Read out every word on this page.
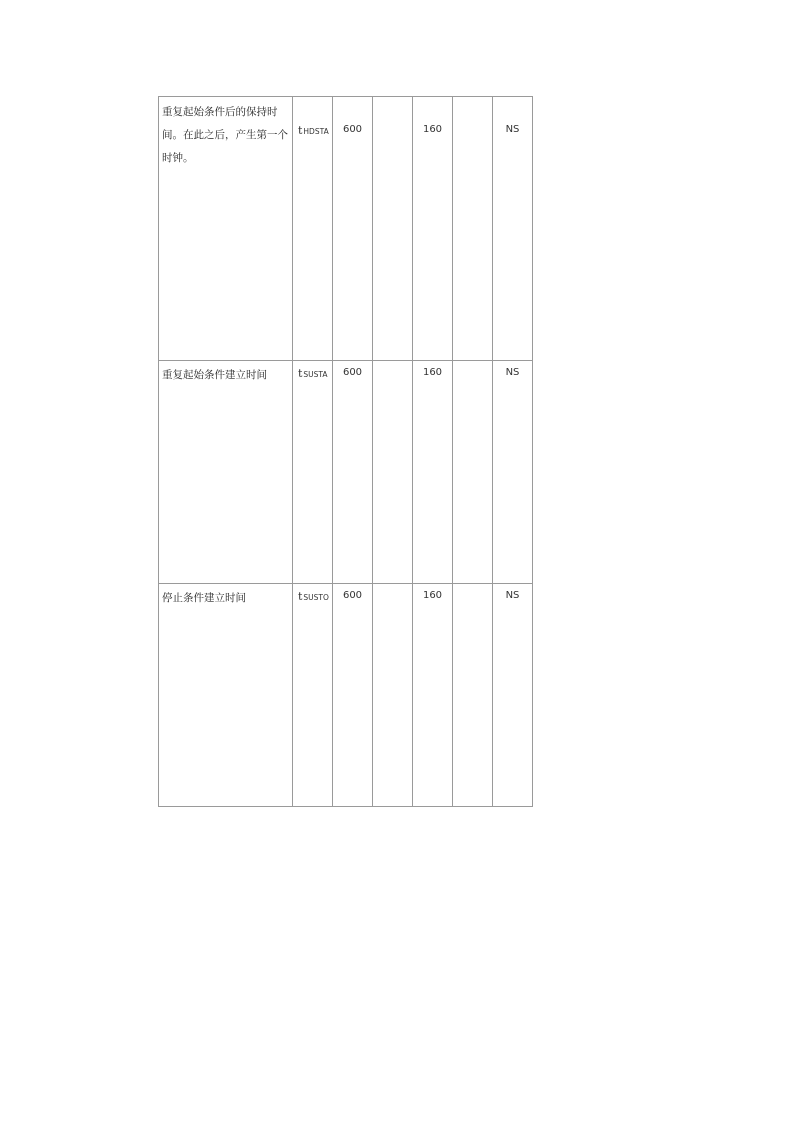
重复起始条件后的保持时间。在此之后，产生第一个时钟。	tHDSTA	600		160		NS

重复起始条件建立时间	tSUSTA	600		160		NS

停止条件建立时间	tSUSTO	600		160		NS
